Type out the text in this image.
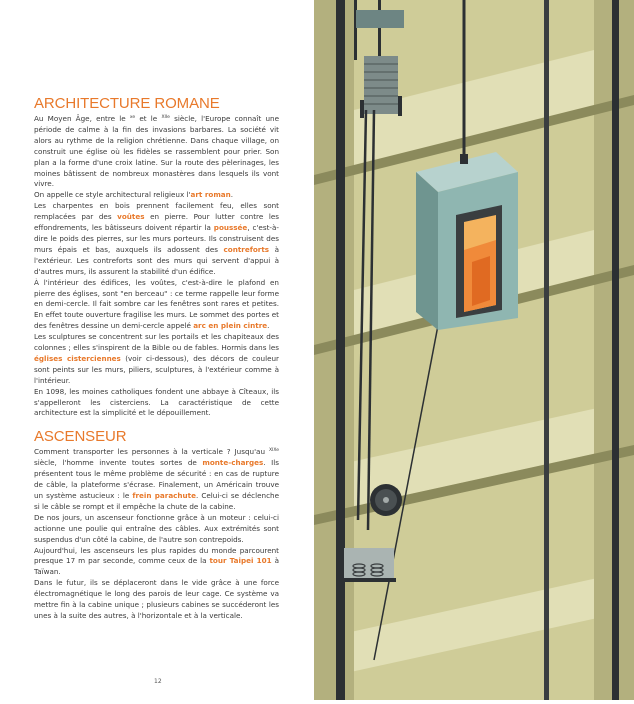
ARCHITECTURE ROMANE

Au Moyen Âge, entre le $^{xe}$ et le $^{XIIe}$ siècle, l'Europe connaît une période de calme à la fin des invasions barbares. La société vit alors au rythme de la religion chrétienne. Dans chaque village, on construit une église où les fidèles se rassemblent pour prier. Son plan a la forme d'une croix latine. Sur la route des pèlerinages, les moines bâtissent de nombreux monastères dans lesquels ils vont vivre.

On appelle ce style architectural religieux l'art roman.

Les charpentes en bois prennent facilement feu, elles sont remplacées par des voûtes en pierre. Pour lutter contre les effondrements, les bâtisseurs doivent répartir la poussée, c'est-à-dire le poids des pierres, sur les murs porteurs. Ils construisent des murs épais et bas, auxquels ils adossent des contreforts à l'extérieur. Les contreforts sont des murs qui servent d'appui à d'autres murs, ils assurent la stabilité d'un édifice.

À l'intérieur des édifices, les voûtes, c'est-à-dire le plafond en pierre des églises, sont "en berceau" : ce terme rappelle leur forme en demi-cercle. Il fait sombre car les fenêtres sont rares et petites. En effet toute ouverture fragilise les murs. Le sommet des portes et des fenêtres dessine un demi-cercle appelé arc en plein cintre.

Les sculptures se concentrent sur les portails et les chapiteaux des colonnes ; elles s'inspirent de la Bible ou de fables. Hormis dans les églises cisterciennes (voir ci-dessous), des décors de couleur sont peints sur les murs, piliers, sculptures, à l'extérieur comme à l'intérieur.

En 1098, les moines catholiques fondent une abbaye à Cîteaux, ils s'appelleront les cisterciens. La caractéristique de cette architecture est la simplicité et le dépouillement.

ASCENSEUR

Comment transporter les personnes à la verticale ? Jusqu'au $^{XIXe}$ siècle, l'homme invente toutes sortes de monte-charges. Ils présentent tous le même problème de sécurité : en cas de rupture de câble, la plateforme s'écrase. Finalement, un Américain trouve un système astucieux : le frein parachute. Celui-ci se déclenche si le câble se rompt et il empêche la chute de la cabine.

De nos jours, un ascenseur fonctionne grâce à un moteur : celui-ci actionne une poulie qui entraîne des câbles. Aux extrémités sont suspendus d'un côté la cabine, de l'autre son contrepoids.

Aujourd'hui, les ascenseurs les plus rapides du monde parcourent presque 17 m par seconde, comme ceux de la tour Taipei 101 à Taïwan.

Dans le futur, ils se déplaceront dans le vide grâce à une force électromagnétique le long des parois de leur cage. Ce système va mettre fin à la cabine unique ; plusieurs cabines se succéderont les unes à la suite des autres, à l'horizontale et à la verticale.

12
